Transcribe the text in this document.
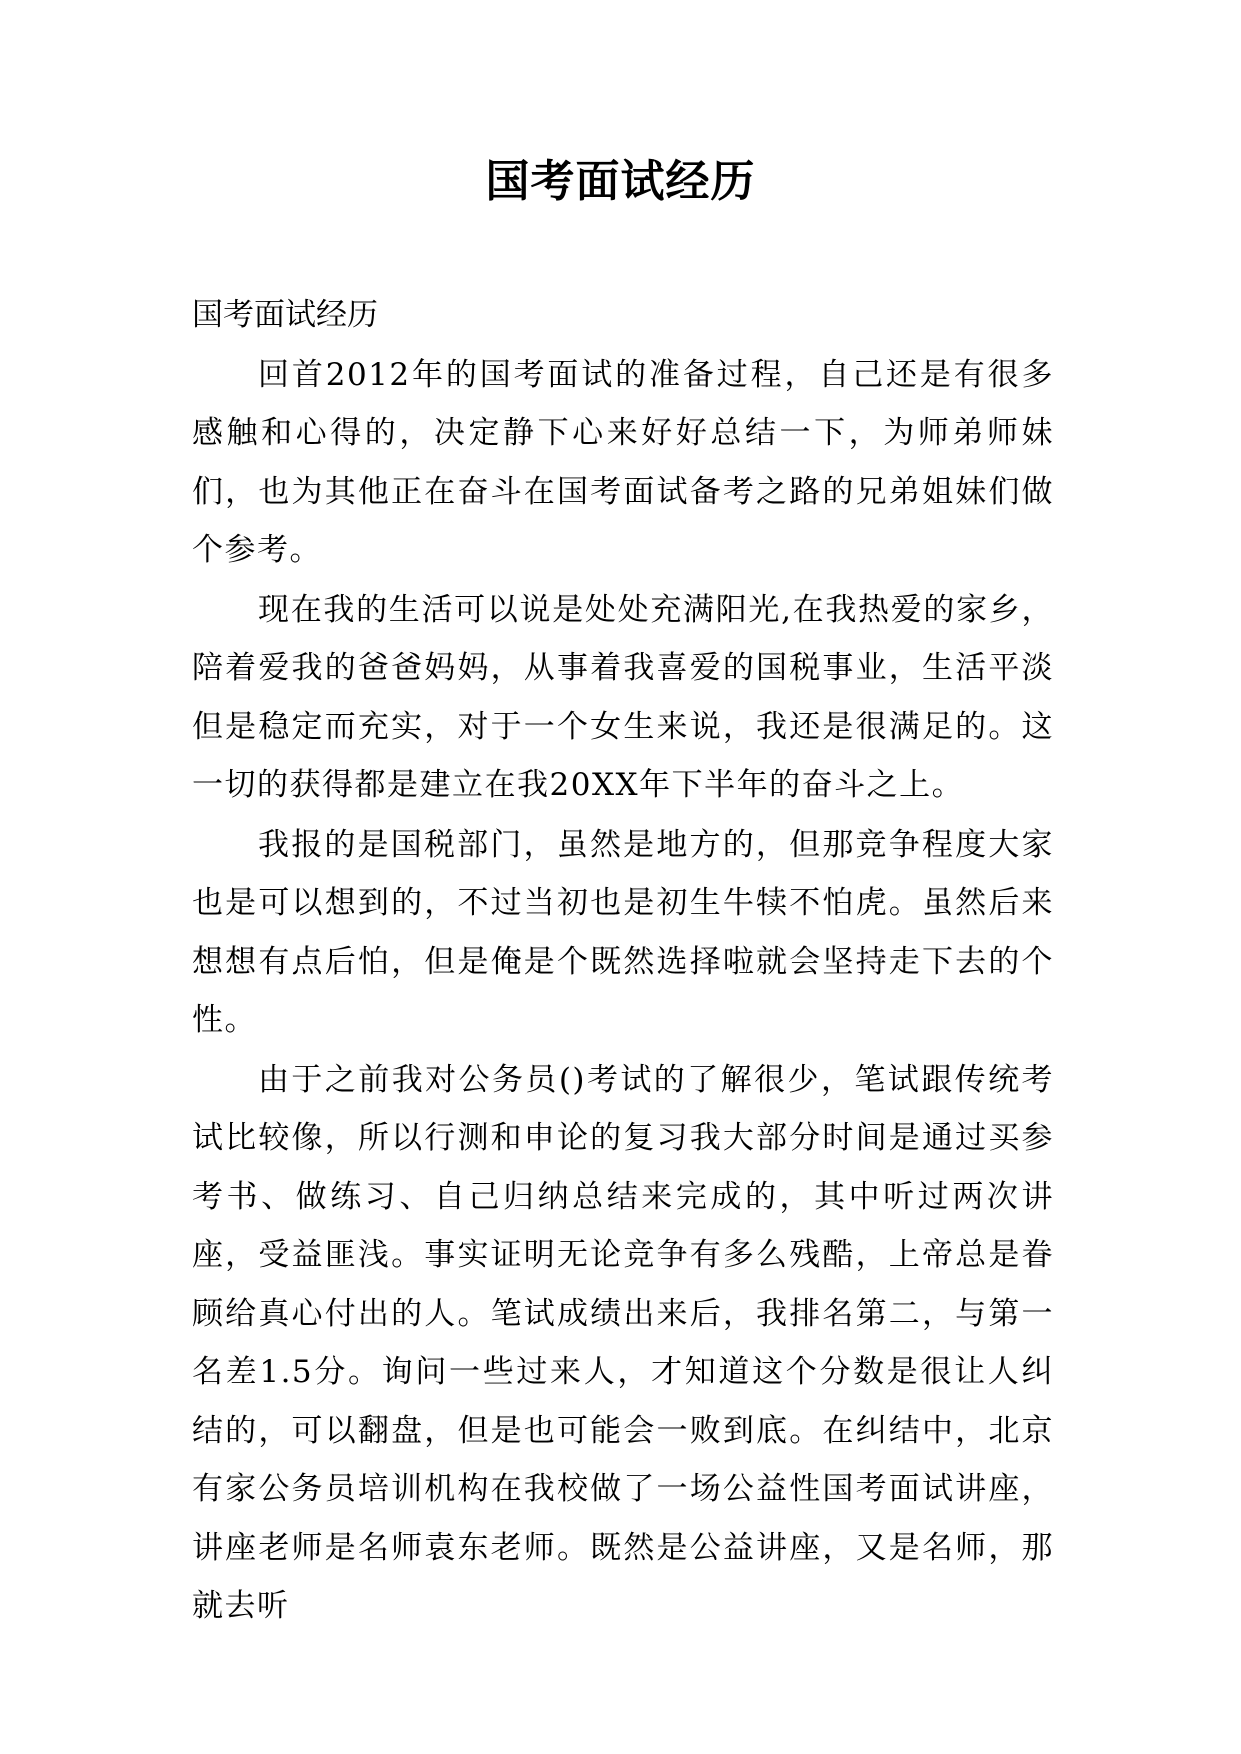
国考面试经历

国考面试经历

回首2012年的国考面试的准备过程，自己还是有很多感触和心得的，决定静下心来好好总结一下，为师弟师妹们，也为其他正在奋斗在国考面试备考之路的兄弟姐妹们做个参考。

现在我的生活可以说是处处充满阳光,在我热爱的家乡，陪着爱我的爸爸妈妈，从事着我喜爱的国税事业，生活平淡但是稳定而充实，对于一个女生来说，我还是很满足的。这一切的获得都是建立在我20XX年下半年的奋斗之上。

我报的是国税部门，虽然是地方的，但那竞争程度大家也是可以想到的，不过当初也是初生牛犊不怕虎。虽然后来想想有点后怕，但是俺是个既然选择啦就会坚持走下去的个性。

由于之前我对公务员()考试的了解很少，笔试跟传统考试比较像，所以行测和申论的复习我大部分时间是通过买参考书、做练习、自己归纳总结来完成的，其中听过两次讲座，受益匪浅。事实证明无论竞争有多么残酷，上帝总是眷顾给真心付出的人。笔试成绩出来后，我排名第二，与第一名差1.5分。询问一些过来人，才知道这个分数是很让人纠结的，可以翻盘，但是也可能会一败到底。在纠结中，北京有家公务员培训机构在我校做了一场公益性国考面试讲座，讲座老师是名师袁东老师。既然是公益讲座，又是名师，那就去听
